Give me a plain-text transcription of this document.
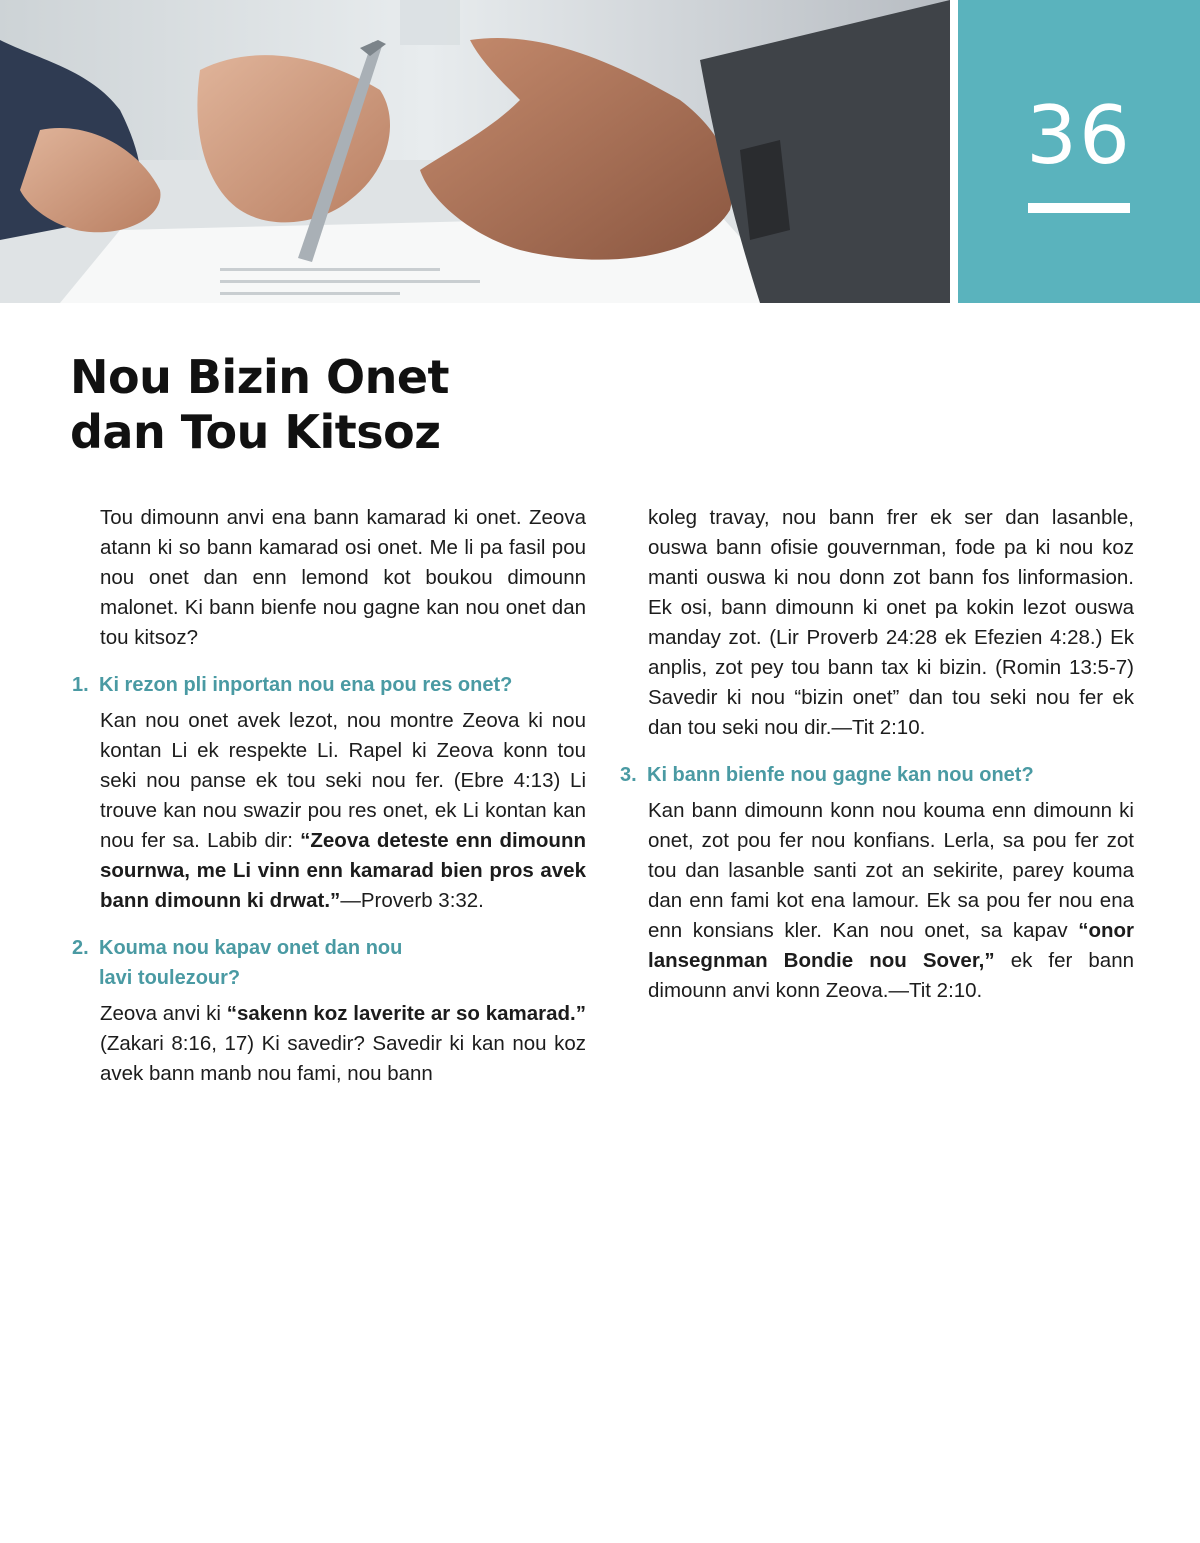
36
Nou Bizin Onet
dan Tou Kitsoz

Tou dimounn anvi ena bann kamarad ki onet. Zeova atann ki so bann kamarad osi onet. Me li pa fasil pou nou onet dan enn lemond kot boukou dimounn malonet. Ki bann bienfe nou gagne kan nou onet dan tou kitsoz?

1. Ki rezon pli inportan nou ena pou res onet?

Kan nou onet avek lezot, nou montre Zeova ki nou kontan Li ek respekte Li. Rapel ki Zeova konn tou seki nou panse ek tou seki nou fer. (Ebre 4:13) Li trouve kan nou swazir pou res onet, ek Li kontan kan nou fer sa. Labib dir: “Zeova deteste enn dimounn sournwa, me Li vinn enn kamarad bien pros avek bann dimounn ki drwat.”—Proverb 3:32.

2. Kouma nou kapav onet dan nou lavi toulezour?

Zeova anvi ki “sakenn koz laverite ar so kamarad.” (Zakari 8:16, 17) Ki savedir? Savedir ki kan nou koz avek bann manb nou fami, nou bann

koleg travay, nou bann frer ek ser dan lasanble, ouswa bann ofisie gouvernman, fode pa ki nou koz manti ouswa ki nou donn zot bann fos linformasion. Ek osi, bann dimounn ki onet pa kokin lezot ouswa manday zot. (Lir Proverb 24:28 ek Efezien 4:28.) Ek anplis, zot pey tou bann tax ki bizin. (Romin 13:5-7) Savedir ki nou “bizin onet” dan tou seki nou fer ek dan tou seki nou dir.—Tit 2:10.

3. Ki bann bienfe nou gagne kan nou onet?

Kan bann dimounn konn nou kouma enn dimounn ki onet, zot pou fer nou konfians. Lerla, sa pou fer zot tou dan lasanble santi zot an sekirite, parey kouma dan enn fami kot ena lamour. Ek sa pou fer nou ena enn konsians kler. Kan nou onet, sa kapav “onor lansegnman Bondie nou Sover,” ek fer bann dimounn anvi konn Zeova.—Tit 2:10.
